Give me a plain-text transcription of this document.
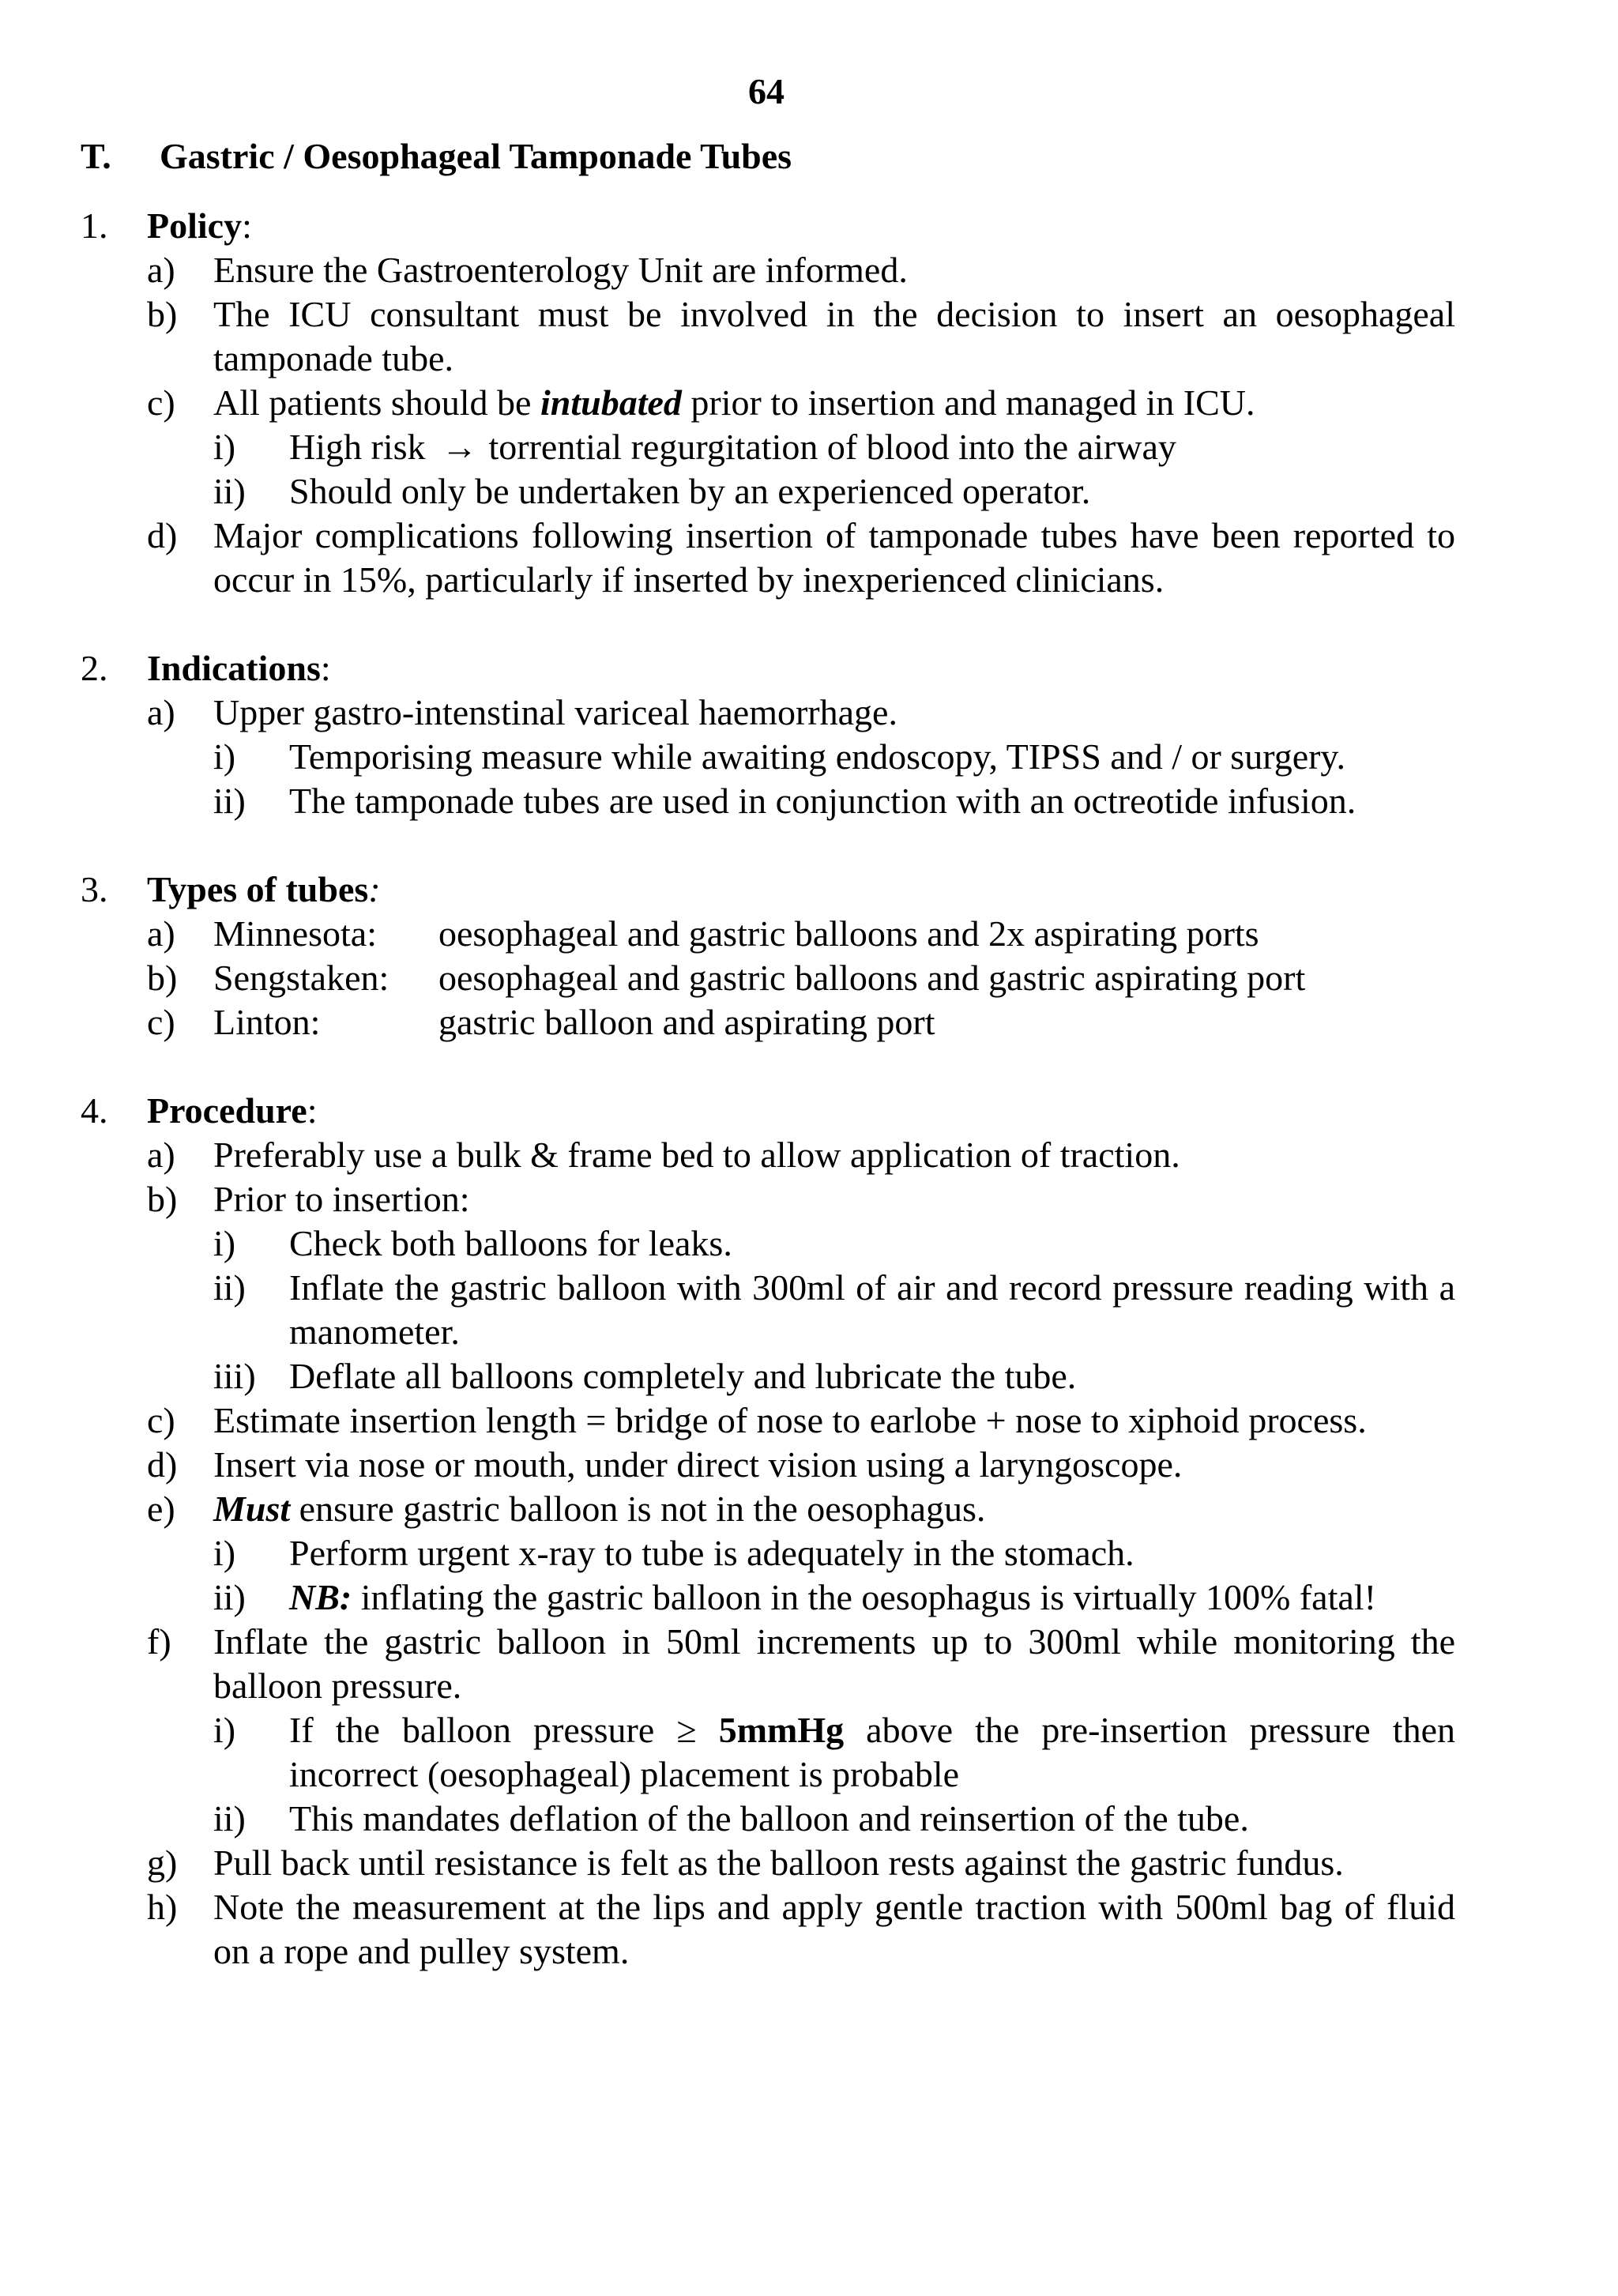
64
T. Gastric / Oesophageal Tamponade Tubes
1. Policy:
a) Ensure the Gastroenterology Unit are informed.
b) The ICU consultant must be involved in the decision to insert an oesophageal tamponade tube.
c) All patients should be intubated prior to insertion and managed in ICU.
i) High risk → torrential regurgitation of blood into the airway
ii) Should only be undertaken by an experienced operator.
d) Major complications following insertion of tamponade tubes have been reported to occur in 15%, particularly if inserted by inexperienced clinicians.
2. Indications:
a) Upper gastro-intenstinal variceal haemorrhage.
i) Temporising measure while awaiting endoscopy, TIPSS and / or surgery.
ii) The tamponade tubes are used in conjunction with an octreotide infusion.
3. Types of tubes:
a) Minnesota: oesophageal and gastric balloons and 2x aspirating ports
b) Sengstaken: oesophageal and gastric balloons and gastric aspirating port
c) Linton:	gastric balloon and aspirating port
4. Procedure:
a) Preferably use a bulk & frame bed to allow application of traction.
b) Prior to insertion:
i) Check both balloons for leaks.
ii) Inflate the gastric balloon with 300ml of air and record pressure reading with a manometer.
iii) Deflate all balloons completely and lubricate the tube.
c) Estimate insertion length = bridge of nose to earlobe + nose to xiphoid process.
d) Insert via nose or mouth, under direct vision using a laryngoscope.
e) Must ensure gastric balloon is not in the oesophagus.
i) Perform urgent x-ray to tube is adequately in the stomach.
ii) NB: inflating the gastric balloon in the oesophagus is virtually 100% fatal!
f) Inflate the gastric balloon in 50ml increments up to 300ml while monitoring the balloon pressure.
i) If the balloon pressure ≥ 5mmHg above the pre-insertion pressure then incorrect (oesophageal) placement is probable
ii) This mandates deflation of the balloon and reinsertion of the tube.
g) Pull back until resistance is felt as the balloon rests against the gastric fundus.
h) Note the measurement at the lips and apply gentle traction with 500ml bag of fluid on a rope and pulley system.
